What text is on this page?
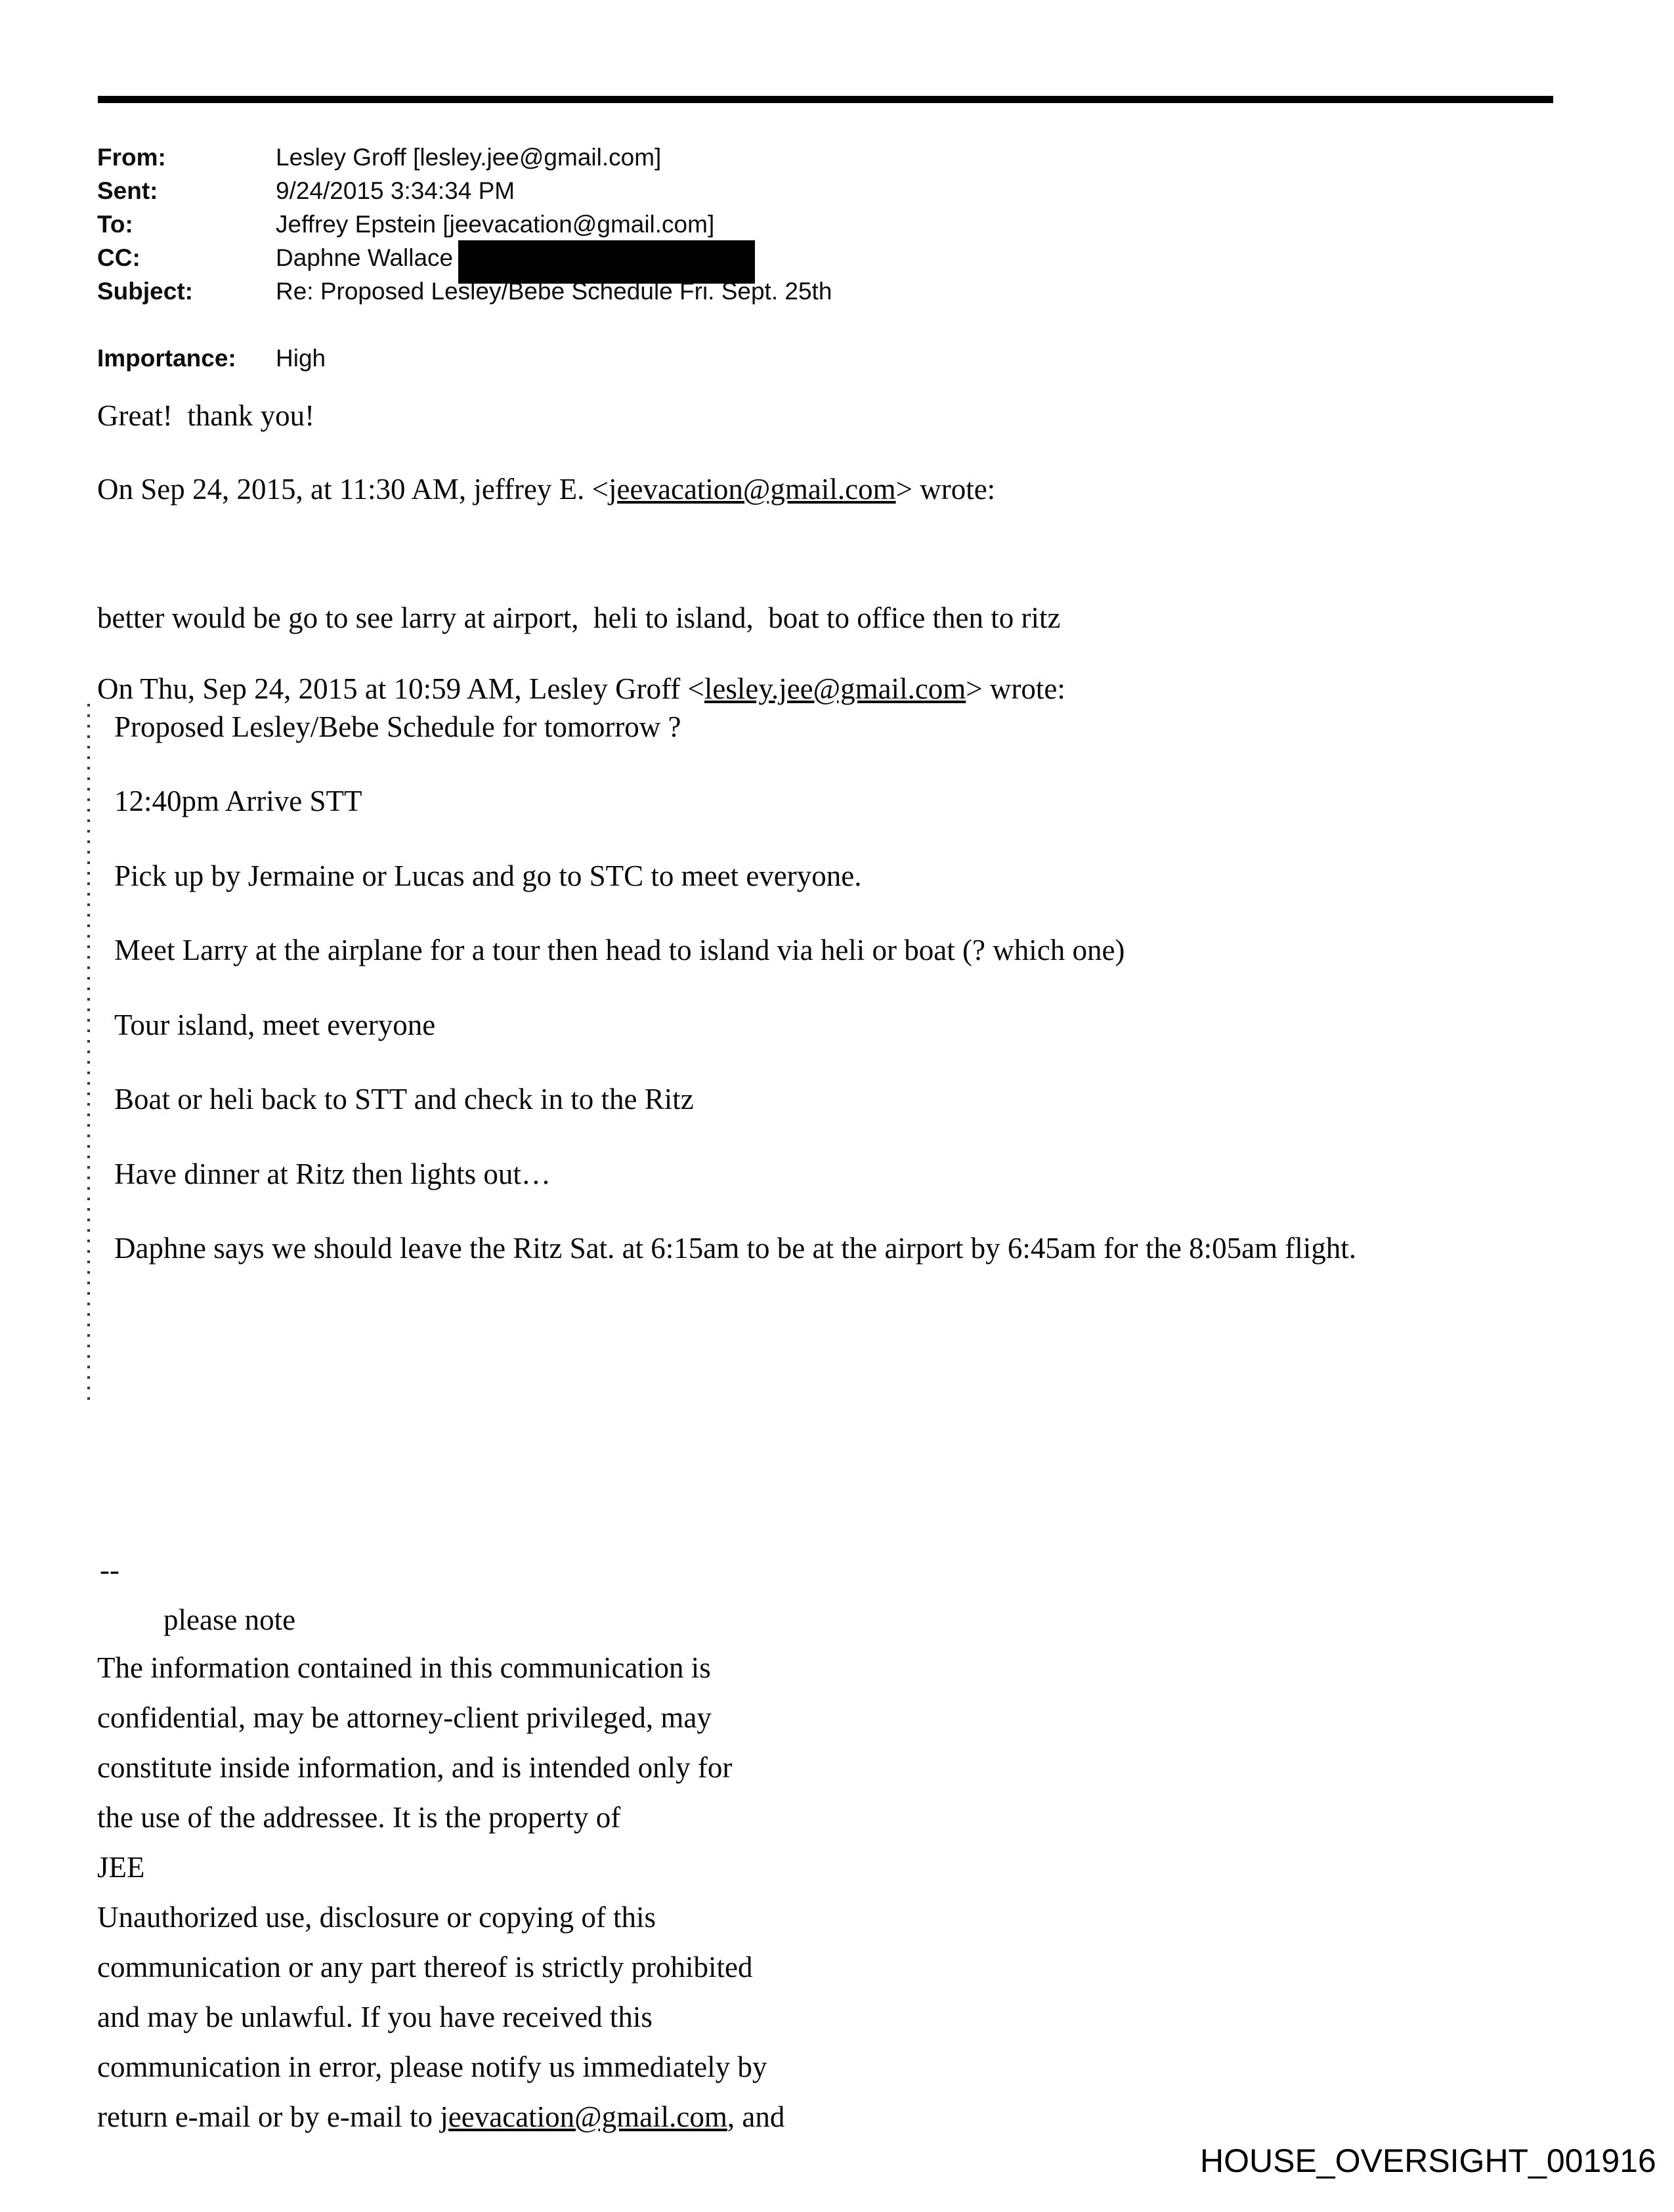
From:	Lesley Groff [lesley.jee@gmail.com]
Sent:	9/24/2015 3:34:34 PM
To:	Jeffrey Epstein [jeevacation@gmail.com]
CC:	Daphne Wallace
Subject:	Re: Proposed Lesley/Bebe Schedule Fri. Sept. 25th
Importance: High
Great!  thank you!
On Sep 24, 2015, at 11:30 AM, jeffrey E. <jeevacation@gmail.com> wrote:
better would be go to see larry at airport,  heli to island,  boat to office then to ritz
On Thu, Sep 24, 2015 at 10:59 AM, Lesley Groff <lesley.jee@gmail.com> wrote:
Proposed Lesley/Bebe Schedule for tomorrow ?
12:40pm Arrive STT
Pick up by Jermaine or Lucas and go to STC to meet everyone.
Meet Larry at the airplane for a tour then head to island via heli or boat (? which one)
Tour island, meet everyone
Boat or heli back to STT and check in to the Ritz
Have dinner at Ritz then lights out…
Daphne says we should leave the Ritz Sat. at 6:15am to be at the airport by 6:45am for the 8:05am flight.
--
please note
The information contained in this communication is
confidential, may be attorney-client privileged, may
constitute inside information, and is intended only for
the use of the addressee. It is the property of
JEE
Unauthorized use, disclosure or copying of this
communication or any part thereof is strictly prohibited
and may be unlawful. If you have received this
communication in error, please notify us immediately by
return e-mail or by e-mail to jeevacation@gmail.com, and
HOUSE_OVERSIGHT_001916
